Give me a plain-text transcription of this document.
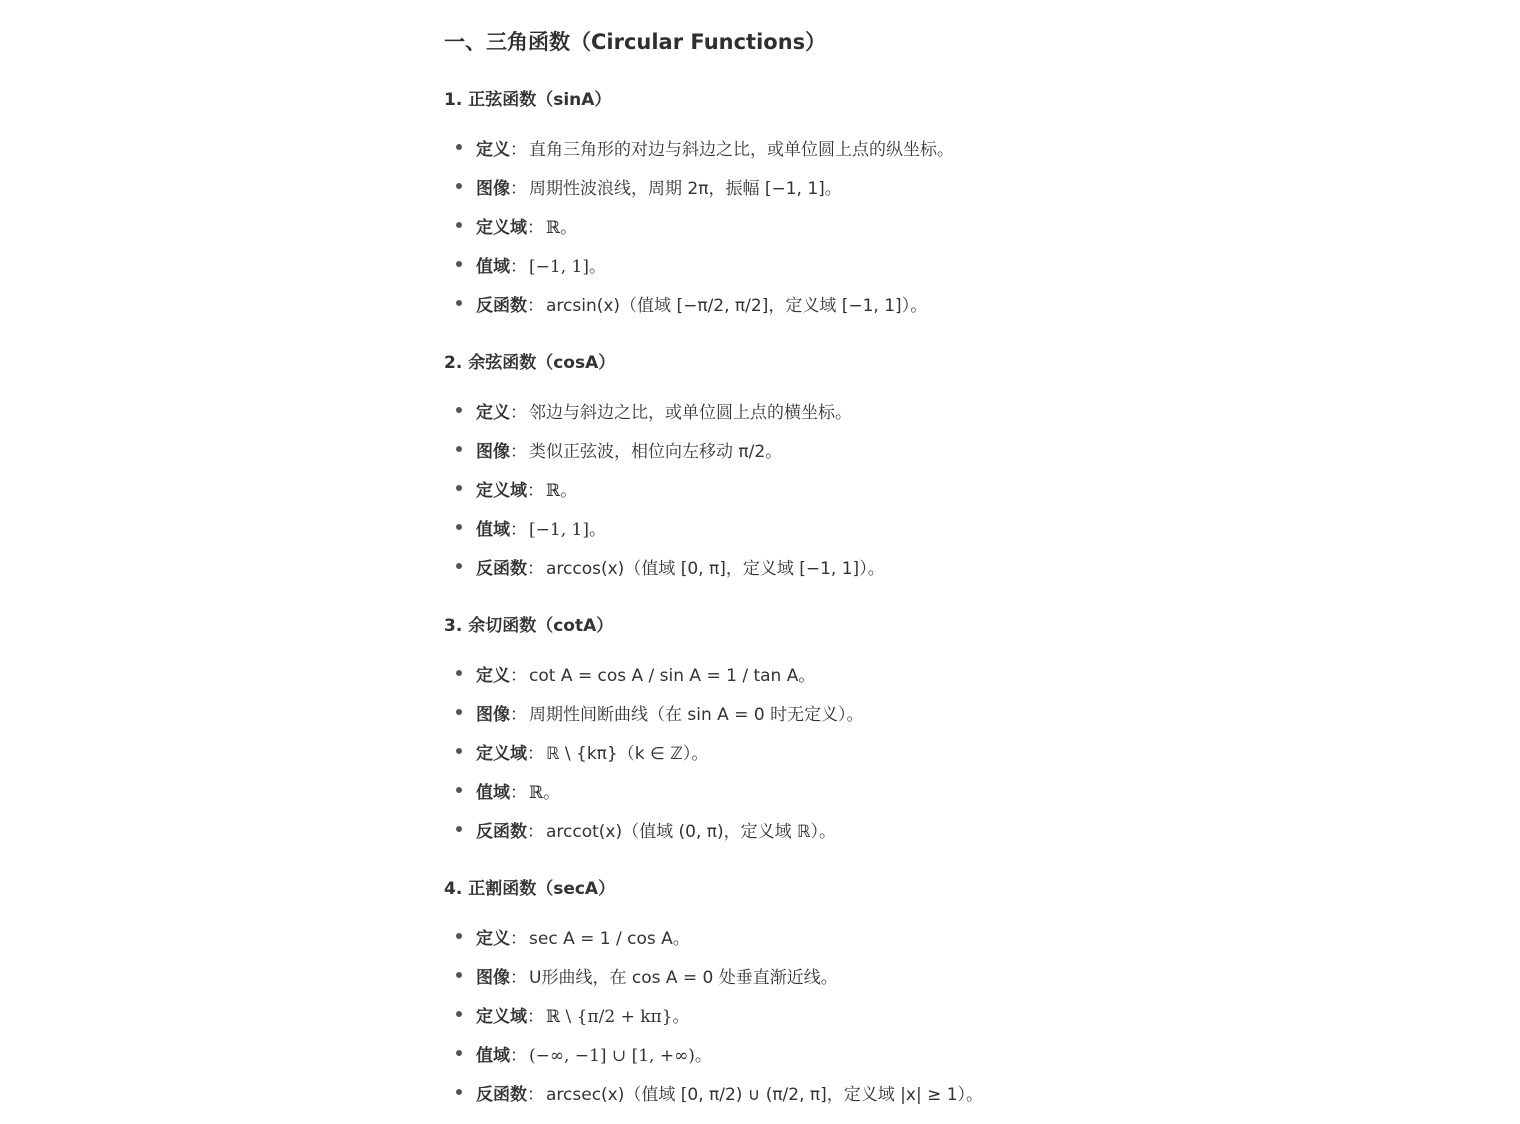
一、三角函数（Circular Functions）
1. 正弦函数（sinA）
定义 ： 直角三角形的对边与斜边之比，或单位圆上点的纵坐标。
图像 ： 周期性波浪线，周期 2π，振幅 [−1, 1]。
定义域 ： ℝ。
值域 ： [−1, 1]。
反函数 ： arcsin(x)（值域 [−π/2, π/2]，定义域 [−1, 1]）。
2. 余弦函数（cosA）
定义 ： 邻边与斜边之比，或单位圆上点的横坐标。
图像 ： 类似正弦波，相位向左移动 π/2。
定义域 ： ℝ。
值域 ： [−1, 1]。
反函数 ： arccos(x)（值域 [0, π]，定义域 [−1, 1]）。
3. 余切函数（cotA）
定义 ： cot A = cos A / sin A = 1 / tan A。
图像 ： 周期性间断曲线（在 sin A = 0 时无定义）。
定义域 ： ℝ \ {kπ}（k ∈ ℤ）。
值域 ： ℝ。
反函数 ： arccot(x)（值域 (0, π)，定义域 ℝ）。
4. 正割函数（secA）
定义 ： sec A = 1 / cos A。
图像 ： U形曲线，在 cos A = 0 处垂直渐近线。
定义域 ： ℝ \ {π/2 + kπ}。
值域 ： (−∞, −1] ∪ [1, +∞)。
反函数 ： arcsec(x)（值域 [0, π/2) ∪ (π/2, π]，定义域 |x| ≥ 1）。
